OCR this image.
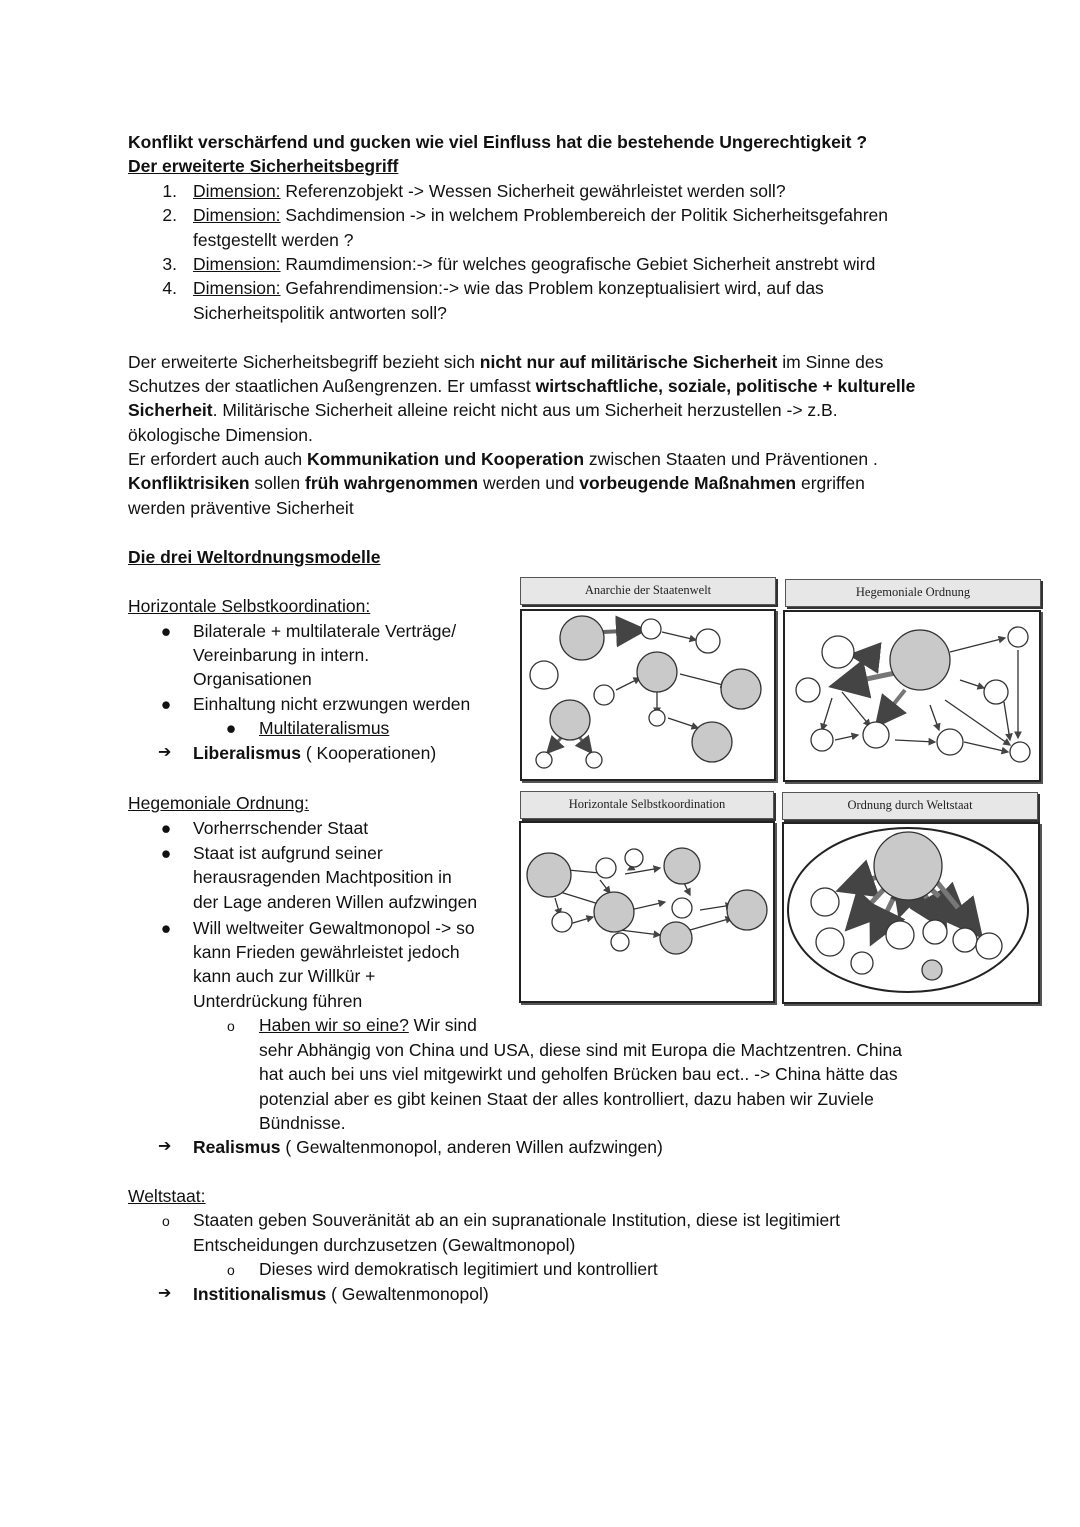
Konflikt verschärfend und gucken wie viel Einfluss hat die bestehende Ungerechtigkeit ?
Der erweiterte Sicherheitsbegriff
1. Dimension: Referenzobjekt -> Wessen Sicherheit gewährleistet werden soll?
2. Dimension: Sachdimension -> in welchem Problembereich der Politik Sicherheitsgefahren
festgestellt werden ?
3. Dimension: Raumdimension:-> für welches geografische Gebiet Sicherheit anstrebt wird
4. Dimension: Gefahrendimension:-> wie das Problem konzeptualisiert wird, auf das
Sicherheitspolitik antworten soll?
Der erweiterte Sicherheitsbegriff bezieht sich nicht nur auf militärische Sicherheit im Sinne des
Schutzes der staatlichen Außengrenzen. Er umfasst wirtschaftliche, soziale, politische + kulturelle
Sicherheit. Militärische Sicherheit alleine reicht nicht aus um Sicherheit herzustellen -> z.B.
ökologische Dimension.
Er erfordert auch auch Kommunikation und Kooperation zwischen Staaten und Präventionen .
Konfliktrisiken sollen früh wahrgenommen werden und vorbeugende Maßnahmen ergriffen
werden präventive Sicherheit
Die drei Weltordnungsmodelle
Horizontale Selbstkoordination:
● Bilaterale + multilaterale Verträge/
Vereinbarung in intern.
Organisationen
● Einhaltung nicht erzwungen werden
● Multilateralismus
➔ Liberalismus ( Kooperationen)
Hegemoniale Ordnung:
● Vorherrschender Staat
● Staat ist aufgrund seiner
herausragenden Machtposition in
der Lage anderen Willen aufzwingen
● Will weltweiter Gewaltmonopol -> so
kann Frieden gewährleistet jedoch
kann auch zur Willkür +
Unterdrückung führen
o Haben wir so eine? Wir sind
sehr Abhängig von China und USA, diese sind mit Europa die Machtzentren. China
hat auch bei uns viel mitgewirkt und geholfen Brücken bau ect.. -> China hätte das
potenzial aber es gibt keinen Staat der alles kontrolliert, dazu haben wir Zuviele
Bündnisse.
➔ Realismus ( Gewaltenmonopol, anderen Willen aufzwingen)
Weltstaat:
o Staaten geben Souveränität ab an ein supranationale Institution, diese ist legitimiert
Entscheidungen durchzusetzen (Gewaltmonopol)
o Dieses wird demokratisch legitimiert und kontrolliert
➔ Institionalismus ( Gewaltenmonopol)
Anarchie der Staatenwelt	Hegemoniale Ordnung
Horizontale Selbstkoordination	Ordnung durch Weltstaat
